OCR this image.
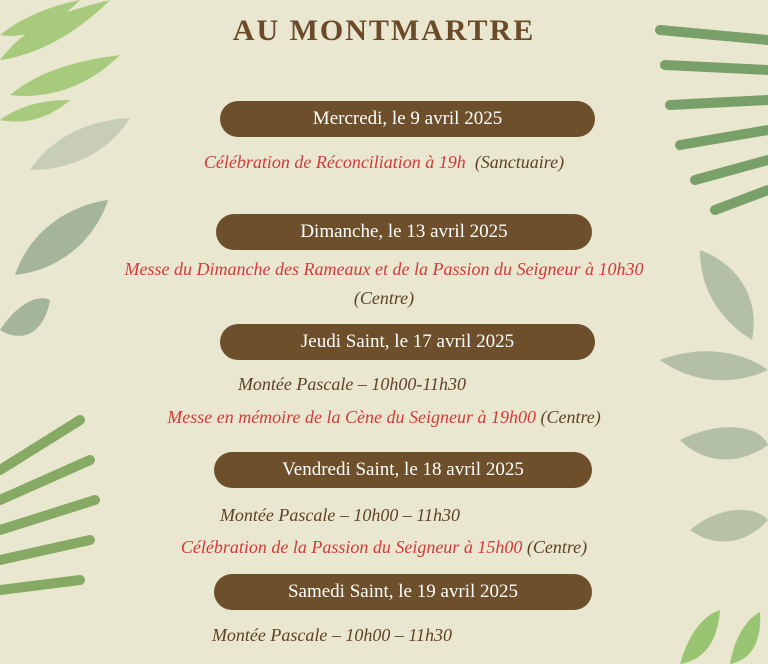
AU MONTMARTRE
Mercredi, le 9 avril 2025
Célébration de Réconciliation à 19h  (Sanctuaire)
Dimanche, le 13 avril 2025
Messe du Dimanche des Rameaux et de la Passion du Seigneur à 10h30
(Centre)
Jeudi Saint, le 17 avril 2025
Montée Pascale – 10h00-11h30
Messe en mémoire de la Cène du Seigneur à 19h00 (Centre)
Vendredi Saint, le 18 avril 2025
Montée Pascale – 10h00 – 11h30
Célébration de la Passion du Seigneur à 15h00 (Centre)
Samedi Saint, le 19 avril 2025
Montée Pascale – 10h00 – 11h30
